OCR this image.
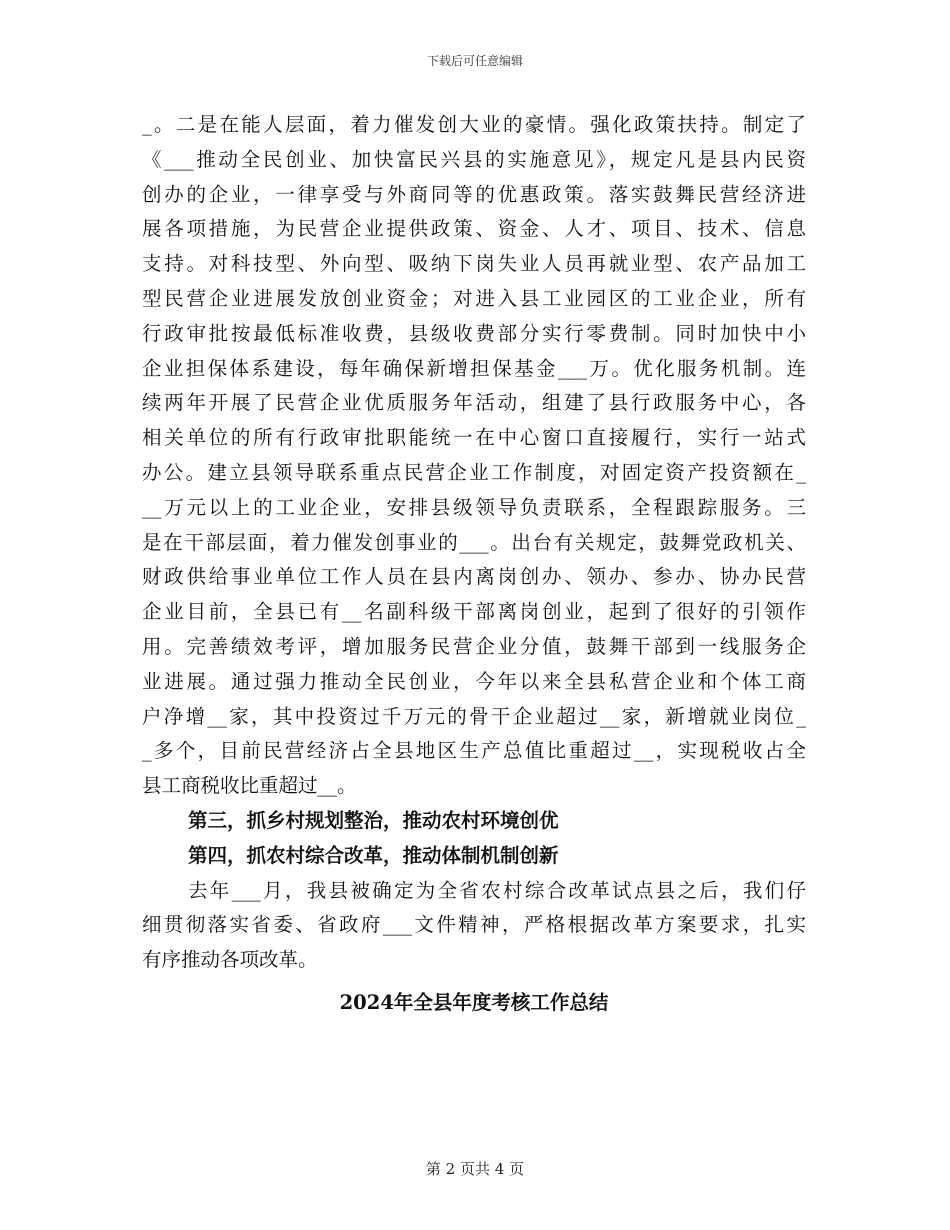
下载后可任意编辑
_。二是在能人层面，着力催发创大业的豪情。强化政策扶持。制定了
《___推动全民创业、加快富民兴县的实施意见》，规定凡是县内民资
创办的企业，一律享受与外商同等的优惠政策。落实鼓舞民营经济进
展各项措施，为民营企业提供政策、资金、人才、项目、技术、信息
支持。对科技型、外向型、吸纳下岗失业人员再就业型、农产品加工
型民营企业进展发放创业资金；对进入县工业园区的工业企业，所有
行政审批按最低标准收费，县级收费部分实行零费制。同时加快中小
企业担保体系建设，每年确保新增担保基金___万。优化服务机制。连
续两年开展了民营企业优质服务年活动，组建了县行政服务中心，各
相关单位的所有行政审批职能统一在中心窗口直接履行，实行一站式
办公。建立县领导联系重点民营企业工作制度，对固定资产投资额在_
__万元以上的工业企业，安排县级领导负责联系，全程跟踪服务。三
是在干部层面，着力催发创事业的___。出台有关规定，鼓舞党政机关、
财政供给事业单位工作人员在县内离岗创办、领办、参办、协办民营
企业目前，全县已有__名副科级干部离岗创业，起到了很好的引领作
用。完善绩效考评，增加服务民营企业分值，鼓舞干部到一线服务企
业进展。通过强力推动全民创业，今年以来全县私营企业和个体工商
户净增__家，其中投资过千万元的骨干企业超过__家，新增就业岗位_
_多个，目前民营经济占全县地区生产总值比重超过__，实现税收占全
县工商税收比重超过__。
第三，抓乡村规划整治，推动农村环境创优
第四，抓农村综合改革，推动体制机制创新
去年___月，我县被确定为全省农村综合改革试点县之后，我们仔
细贯彻落实省委、省政府___文件精神，严格根据改革方案要求，扎实
有序推动各项改革。
2024年全县年度考核工作总结
第 2 页共 4 页
